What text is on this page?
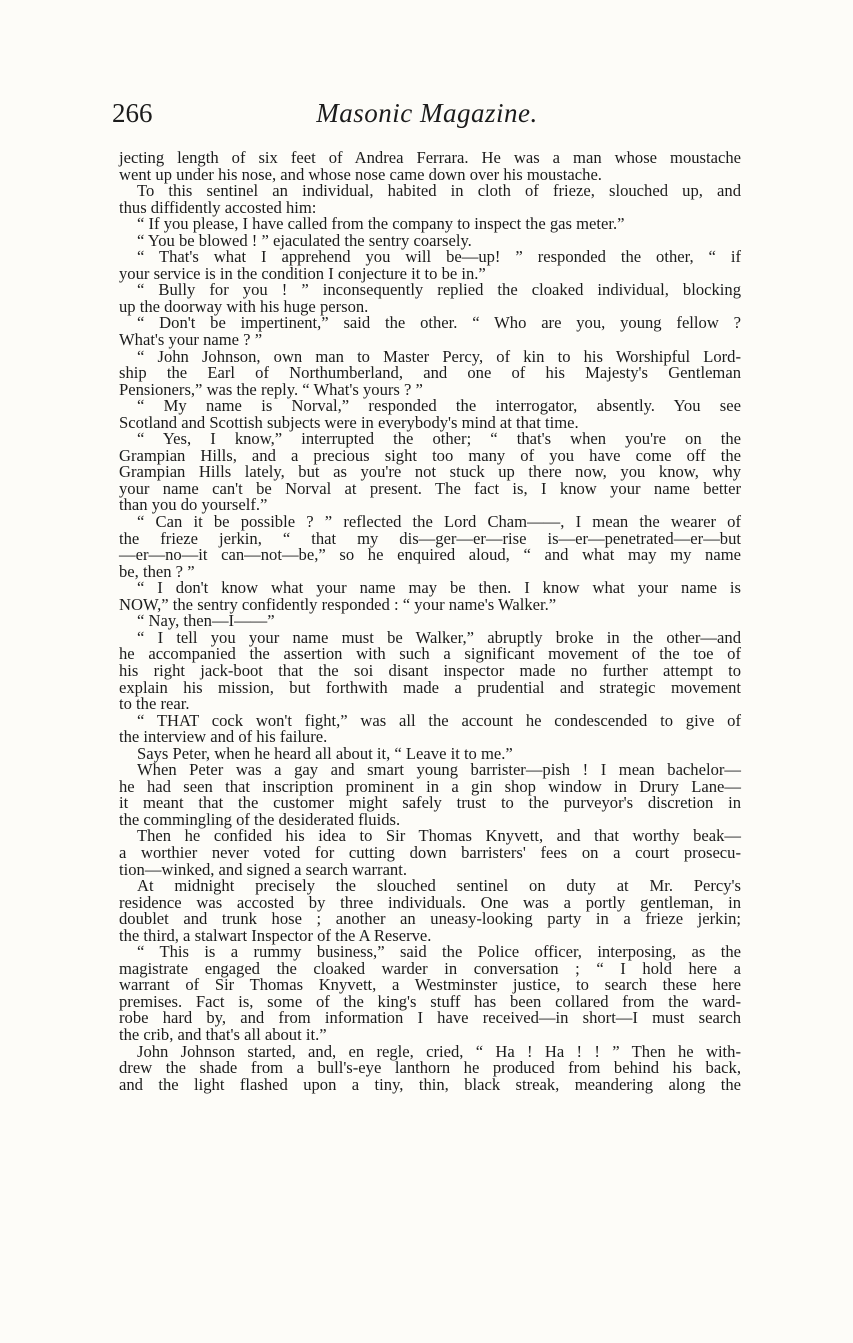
266	Masonic Magazine.
jecting length of six feet of Andrea Ferrara. He was a man whose moustache
went up under his nose, and whose nose came down over his moustache.
To this sentinel an individual, habited in cloth of frieze, slouched up, and
thus diffidently accosted him:
“ If you please, I have called from the company to inspect the gas meter.”
“ You be blowed ! ” ejaculated the sentry coarsely.
“ That's what I apprehend you will be—up! ” responded the other, “ if
your service is in the condition I conjecture it to be in.”
“ Bully for you ! ” inconsequently replied the cloaked individual, blocking
up the doorway with his huge person.
“ Don't be impertinent,” said the other. “ Who are you, young fellow ?
What's your name ? ”
“ John Johnson, own man to Master Percy, of kin to his Worshipful Lord-
ship the Earl of Northumberland, and one of his Majesty's Gentleman
Pensioners,” was the reply. “ What's yours ? ”
“ My name is Norval,” responded the interrogator, absently. You see
Scotland and Scottish subjects were in everybody's mind at that time.
“ Yes, I know,” interrupted the other; “ that's when you're on the
Grampian Hills, and a precious sight too many of you have come off the
Grampian Hills lately, but as you're not stuck up there now, you know, why
your name can't be Norval at present. The fact is, I know your name better
than you do yourself.”
“ Can it be possible ? ” reflected the Lord Cham——, I mean the wearer of
the frieze jerkin, “ that my dis—ger—er—rise is—er—penetrated—er—but
—er—no—it can—not—be,” so he enquired aloud, “ and what may my name
be, then ? ”
“ I don't know what your name may be then. I know what your name is
NOW,” the sentry confidently responded : “ your name's Walker.”
“ Nay, then—I——”
“ I tell you your name must be Walker,” abruptly broke in the other—and
he accompanied the assertion with such a significant movement of the toe of
his right jack-boot that the soi disant inspector made no further attempt to
explain his mission, but forthwith made a prudential and strategic movement
to the rear.
“ THAT cock won't fight,” was all the account he condescended to give of
the interview and of his failure.
Says Peter, when he heard all about it, “ Leave it to me.”
When Peter was a gay and smart young barrister—pish ! I mean bachelor—
he had seen that inscription prominent in a gin shop window in Drury Lane—
it meant that the customer might safely trust to the purveyor's discretion in
the commingling of the desiderated fluids.
Then he confided his idea to Sir Thomas Knyvett, and that worthy beak—
a worthier never voted for cutting down barristers' fees on a court prosecu-
tion—winked, and signed a search warrant.
At midnight precisely the slouched sentinel on duty at Mr. Percy's
residence was accosted by three individuals. One was a portly gentleman, in
doublet and trunk hose ; another an uneasy-looking party in a frieze jerkin;
the third, a stalwart Inspector of the A Reserve.
“ This is a rummy business,” said the Police officer, interposing, as the
magistrate engaged the cloaked warder in conversation ; “ I hold here a
warrant of Sir Thomas Knyvett, a Westminster justice, to search these here
premises. Fact is, some of the king's stuff has been collared from the ward-
robe hard by, and from information I have received—in short—I must search
the crib, and that's all about it.”
John Johnson started, and, en regle, cried, “ Ha ! Ha ! ! ” Then he with-
drew the shade from a bull's-eye lanthorn he produced from behind his back,
and the light flashed upon a tiny, thin, black streak, meandering along the
